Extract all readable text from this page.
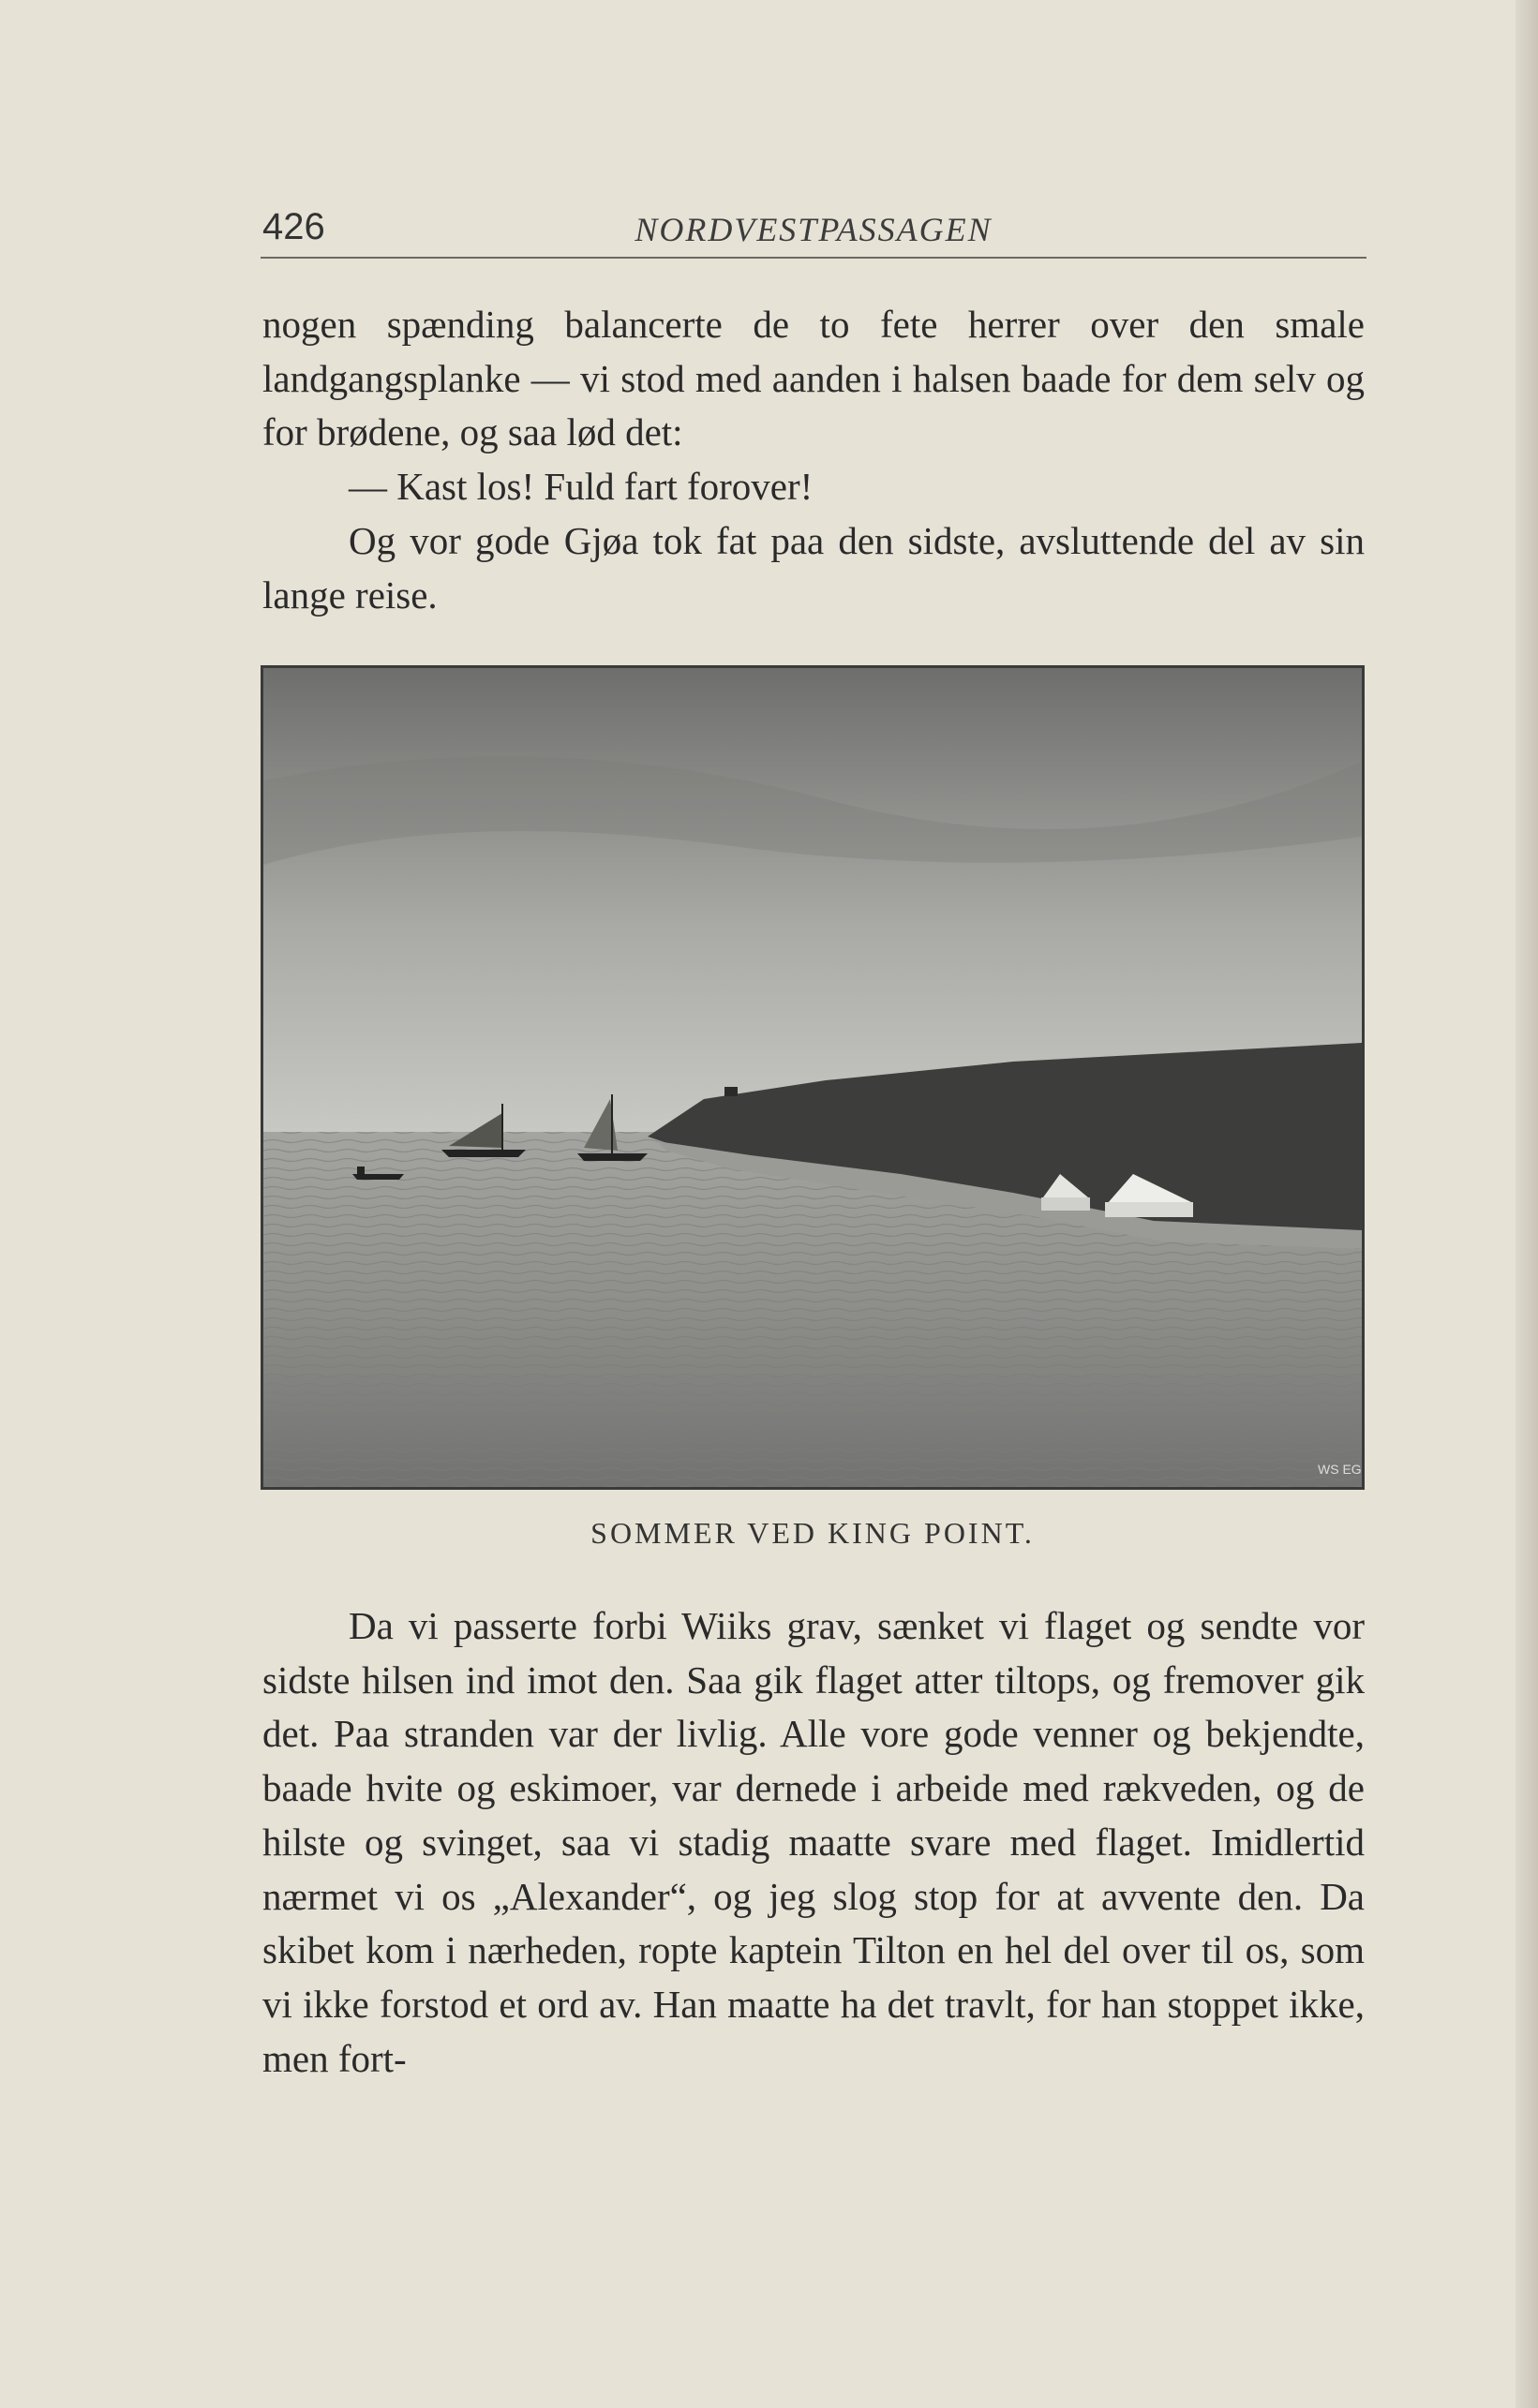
426	NORDVESTPASSAGEN

nogen spænding balancerte de to fete herrer over den smale landgangsplanke — vi stod med aanden i halsen baade for dem selv og for brødene, og saa lød det:

— Kast los! Fuld fart forover!

Og vor gode Gjøa tok fat paa den sidste, avsluttende del av sin lange reise.

WS EG
SOMMER VED KING POINT.

Da vi passerte forbi Wiiks grav, sænket vi flaget og sendte vor sidste hilsen ind imot den. Saa gik flaget atter tiltops, og fremover gik det. Paa stranden var der livlig. Alle vore gode venner og bekjendte, baade hvite og eskimoer, var dernede i arbeide med rækveden, og de hilste og svinget, saa vi stadig maatte svare med flaget. Imidlertid nærmet vi os „Alexander“, og jeg slog stop for at avvente den. Da skibet kom i nærheden, ropte kaptein Tilton en hel del over til os, som vi ikke forstod et ord av. Han maatte ha det travlt, for han stoppet ikke, men fort-
